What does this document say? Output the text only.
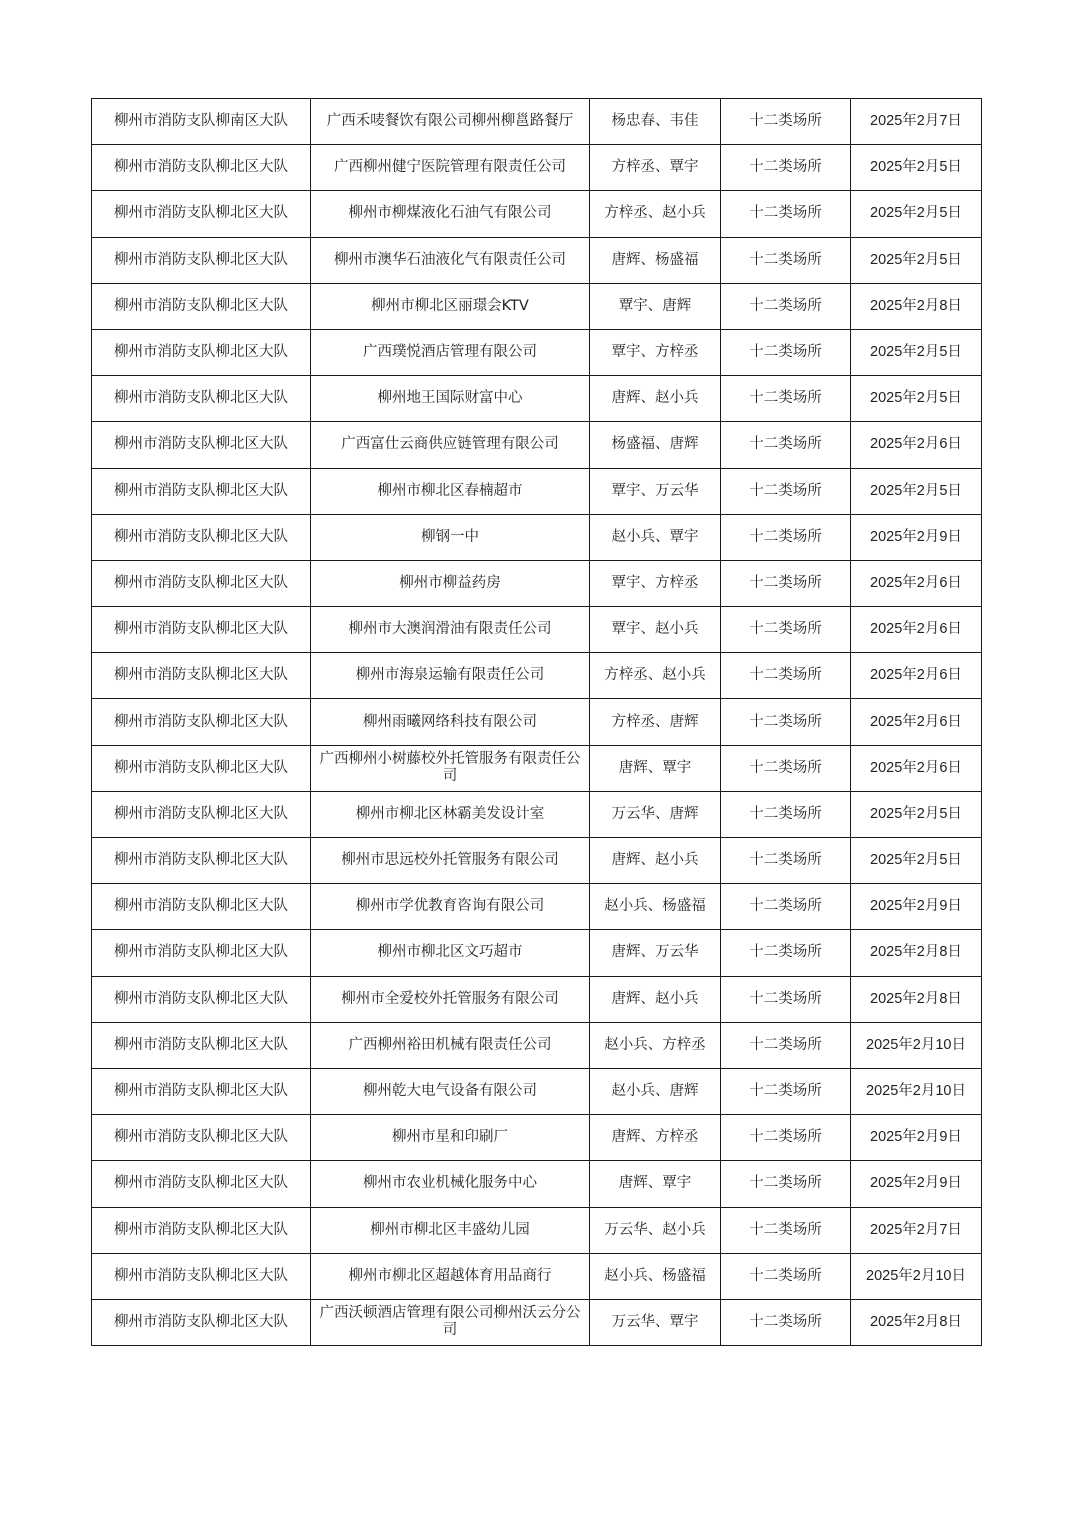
柳州市消防支队柳南区大队	广西禾唛餐饮有限公司柳州柳邕路餐厅	杨忠春、韦佳	十二类场所	2025年2月7日
柳州市消防支队柳北区大队	广西柳州健宁医院管理有限责任公司	方梓丞、覃宇	十二类场所	2025年2月5日
柳州市消防支队柳北区大队	柳州市柳煤液化石油气有限公司	方梓丞、赵小兵	十二类场所	2025年2月5日
柳州市消防支队柳北区大队	柳州市澳华石油液化气有限责任公司	唐辉、杨盛福	十二类场所	2025年2月5日
柳州市消防支队柳北区大队	柳州市柳北区丽璟会KTV	覃宇、唐辉	十二类场所	2025年2月8日
柳州市消防支队柳北区大队	广西璞悦酒店管理有限公司	覃宇、方梓丞	十二类场所	2025年2月5日
柳州市消防支队柳北区大队	柳州地王国际财富中心	唐辉、赵小兵	十二类场所	2025年2月5日
柳州市消防支队柳北区大队	广西富仕云商供应链管理有限公司	杨盛福、唐辉	十二类场所	2025年2月6日
柳州市消防支队柳北区大队	柳州市柳北区春楠超市	覃宇、万云华	十二类场所	2025年2月5日
柳州市消防支队柳北区大队	柳钢一中	赵小兵、覃宇	十二类场所	2025年2月9日
柳州市消防支队柳北区大队	柳州市柳益药房	覃宇、方梓丞	十二类场所	2025年2月6日
柳州市消防支队柳北区大队	柳州市大澳润滑油有限责任公司	覃宇、赵小兵	十二类场所	2025年2月6日
柳州市消防支队柳北区大队	柳州市海泉运输有限责任公司	方梓丞、赵小兵	十二类场所	2025年2月6日
柳州市消防支队柳北区大队	柳州雨曦网络科技有限公司	方梓丞、唐辉	十二类场所	2025年2月6日
柳州市消防支队柳北区大队	广西柳州小树藤校外托管服务有限责任公司	唐辉、覃宇	十二类场所	2025年2月6日
柳州市消防支队柳北区大队	柳州市柳北区林霸美发设计室	万云华、唐辉	十二类场所	2025年2月5日
柳州市消防支队柳北区大队	柳州市思远校外托管服务有限公司	唐辉、赵小兵	十二类场所	2025年2月5日
柳州市消防支队柳北区大队	柳州市学优教育咨询有限公司	赵小兵、杨盛福	十二类场所	2025年2月9日
柳州市消防支队柳北区大队	柳州市柳北区文巧超市	唐辉、万云华	十二类场所	2025年2月8日
柳州市消防支队柳北区大队	柳州市全爱校外托管服务有限公司	唐辉、赵小兵	十二类场所	2025年2月8日
柳州市消防支队柳北区大队	广西柳州裕田机械有限责任公司	赵小兵、方梓丞	十二类场所	2025年2月10日
柳州市消防支队柳北区大队	柳州乾大电气设备有限公司	赵小兵、唐辉	十二类场所	2025年2月10日
柳州市消防支队柳北区大队	柳州市星和印刷厂	唐辉、方梓丞	十二类场所	2025年2月9日
柳州市消防支队柳北区大队	柳州市农业机械化服务中心	唐辉、覃宇	十二类场所	2025年2月9日
柳州市消防支队柳北区大队	柳州市柳北区丰盛幼儿园	万云华、赵小兵	十二类场所	2025年2月7日
柳州市消防支队柳北区大队	柳州市柳北区超越体育用品商行	赵小兵、杨盛福	十二类场所	2025年2月10日
柳州市消防支队柳北区大队	广西沃顿酒店管理有限公司柳州沃云分公司	万云华、覃宇	十二类场所	2025年2月8日
